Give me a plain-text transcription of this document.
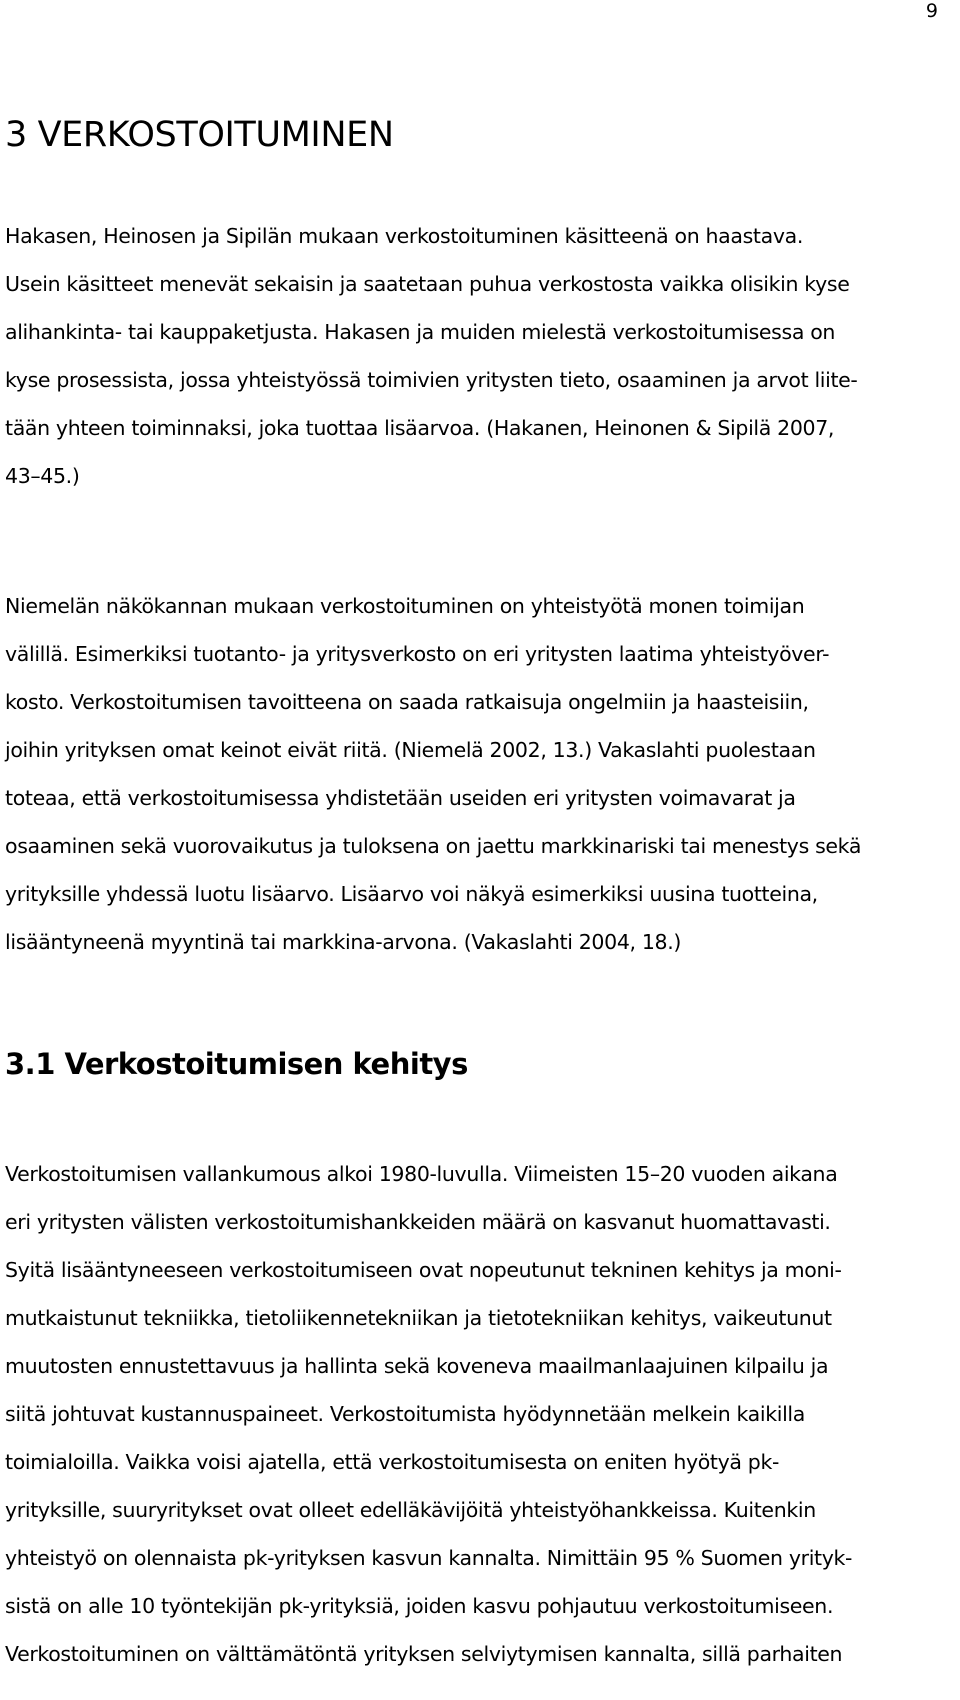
9
3 VERKOSTOITUMINEN
Hakasen, Heinosen ja Sipilän mukaan verkostoituminen käsitteenä on haastava.
Usein käsitteet menevät sekaisin ja saatetaan puhua verkostosta vaikka olisikin kyse
alihankinta- tai kauppaketjusta. Hakasen ja muiden mielestä verkostoitumisessa on
kyse prosessista, jossa yhteistyössä toimivien yritysten tieto, osaaminen ja arvot liite-
tään yhteen toiminnaksi, joka tuottaa lisäarvoa. (Hakanen, Heinonen & Sipilä 2007,
43–45.)
Niemelän näkökannan mukaan verkostoituminen on yhteistyötä monen toimijan
välillä. Esimerkiksi tuotanto- ja yritysverkosto on eri yritysten laatima yhteistyöver-
kosto. Verkostoitumisen tavoitteena on saada ratkaisuja ongelmiin ja haasteisiin,
joihin yrityksen omat keinot eivät riitä. (Niemelä 2002, 13.) Vakaslahti puolestaan
toteaa, että verkostoitumisessa yhdistetään useiden eri yritysten voimavarat ja
osaaminen sekä vuorovaikutus ja tuloksena on jaettu markkinariski tai menestys sekä
yrityksille yhdessä luotu lisäarvo. Lisäarvo voi näkyä esimerkiksi uusina tuotteina,
lisääntyneenä myyntinä tai markkina-arvona. (Vakaslahti 2004, 18.)
3.1 Verkostoitumisen kehitys
Verkostoitumisen vallankumous alkoi 1980-luvulla. Viimeisten 15–20 vuoden aikana
eri yritysten välisten verkostoitumishankkeiden määrä on kasvanut huomattavasti.
Syitä lisääntyneeseen verkostoitumiseen ovat nopeutunut tekninen kehitys ja moni-
mutkaistunut tekniikka, tietoliikennetekniikan ja tietotekniikan kehitys, vaikeutunut
muutosten ennustettavuus ja hallinta sekä koveneva maailmanlaajuinen kilpailu ja
siitä johtuvat kustannuspaineet. Verkostoitumista hyödynnetään melkein kaikilla
toimialoilla. Vaikka voisi ajatella, että verkostoitumisesta on eniten hyötyä pk-
yrityksille, suuryritykset ovat olleet edelläkävijöitä yhteistyöhankkeissa. Kuitenkin
yhteistyö on olennaista pk-yrityksen kasvun kannalta. Nimittäin 95 % Suomen yrityk-
sistä on alle 10 työntekijän pk-yrityksiä, joiden kasvu pohjautuu verkostoitumiseen.
Verkostoituminen on välttämätöntä yrityksen selviytymisen kannalta, sillä parhaiten
